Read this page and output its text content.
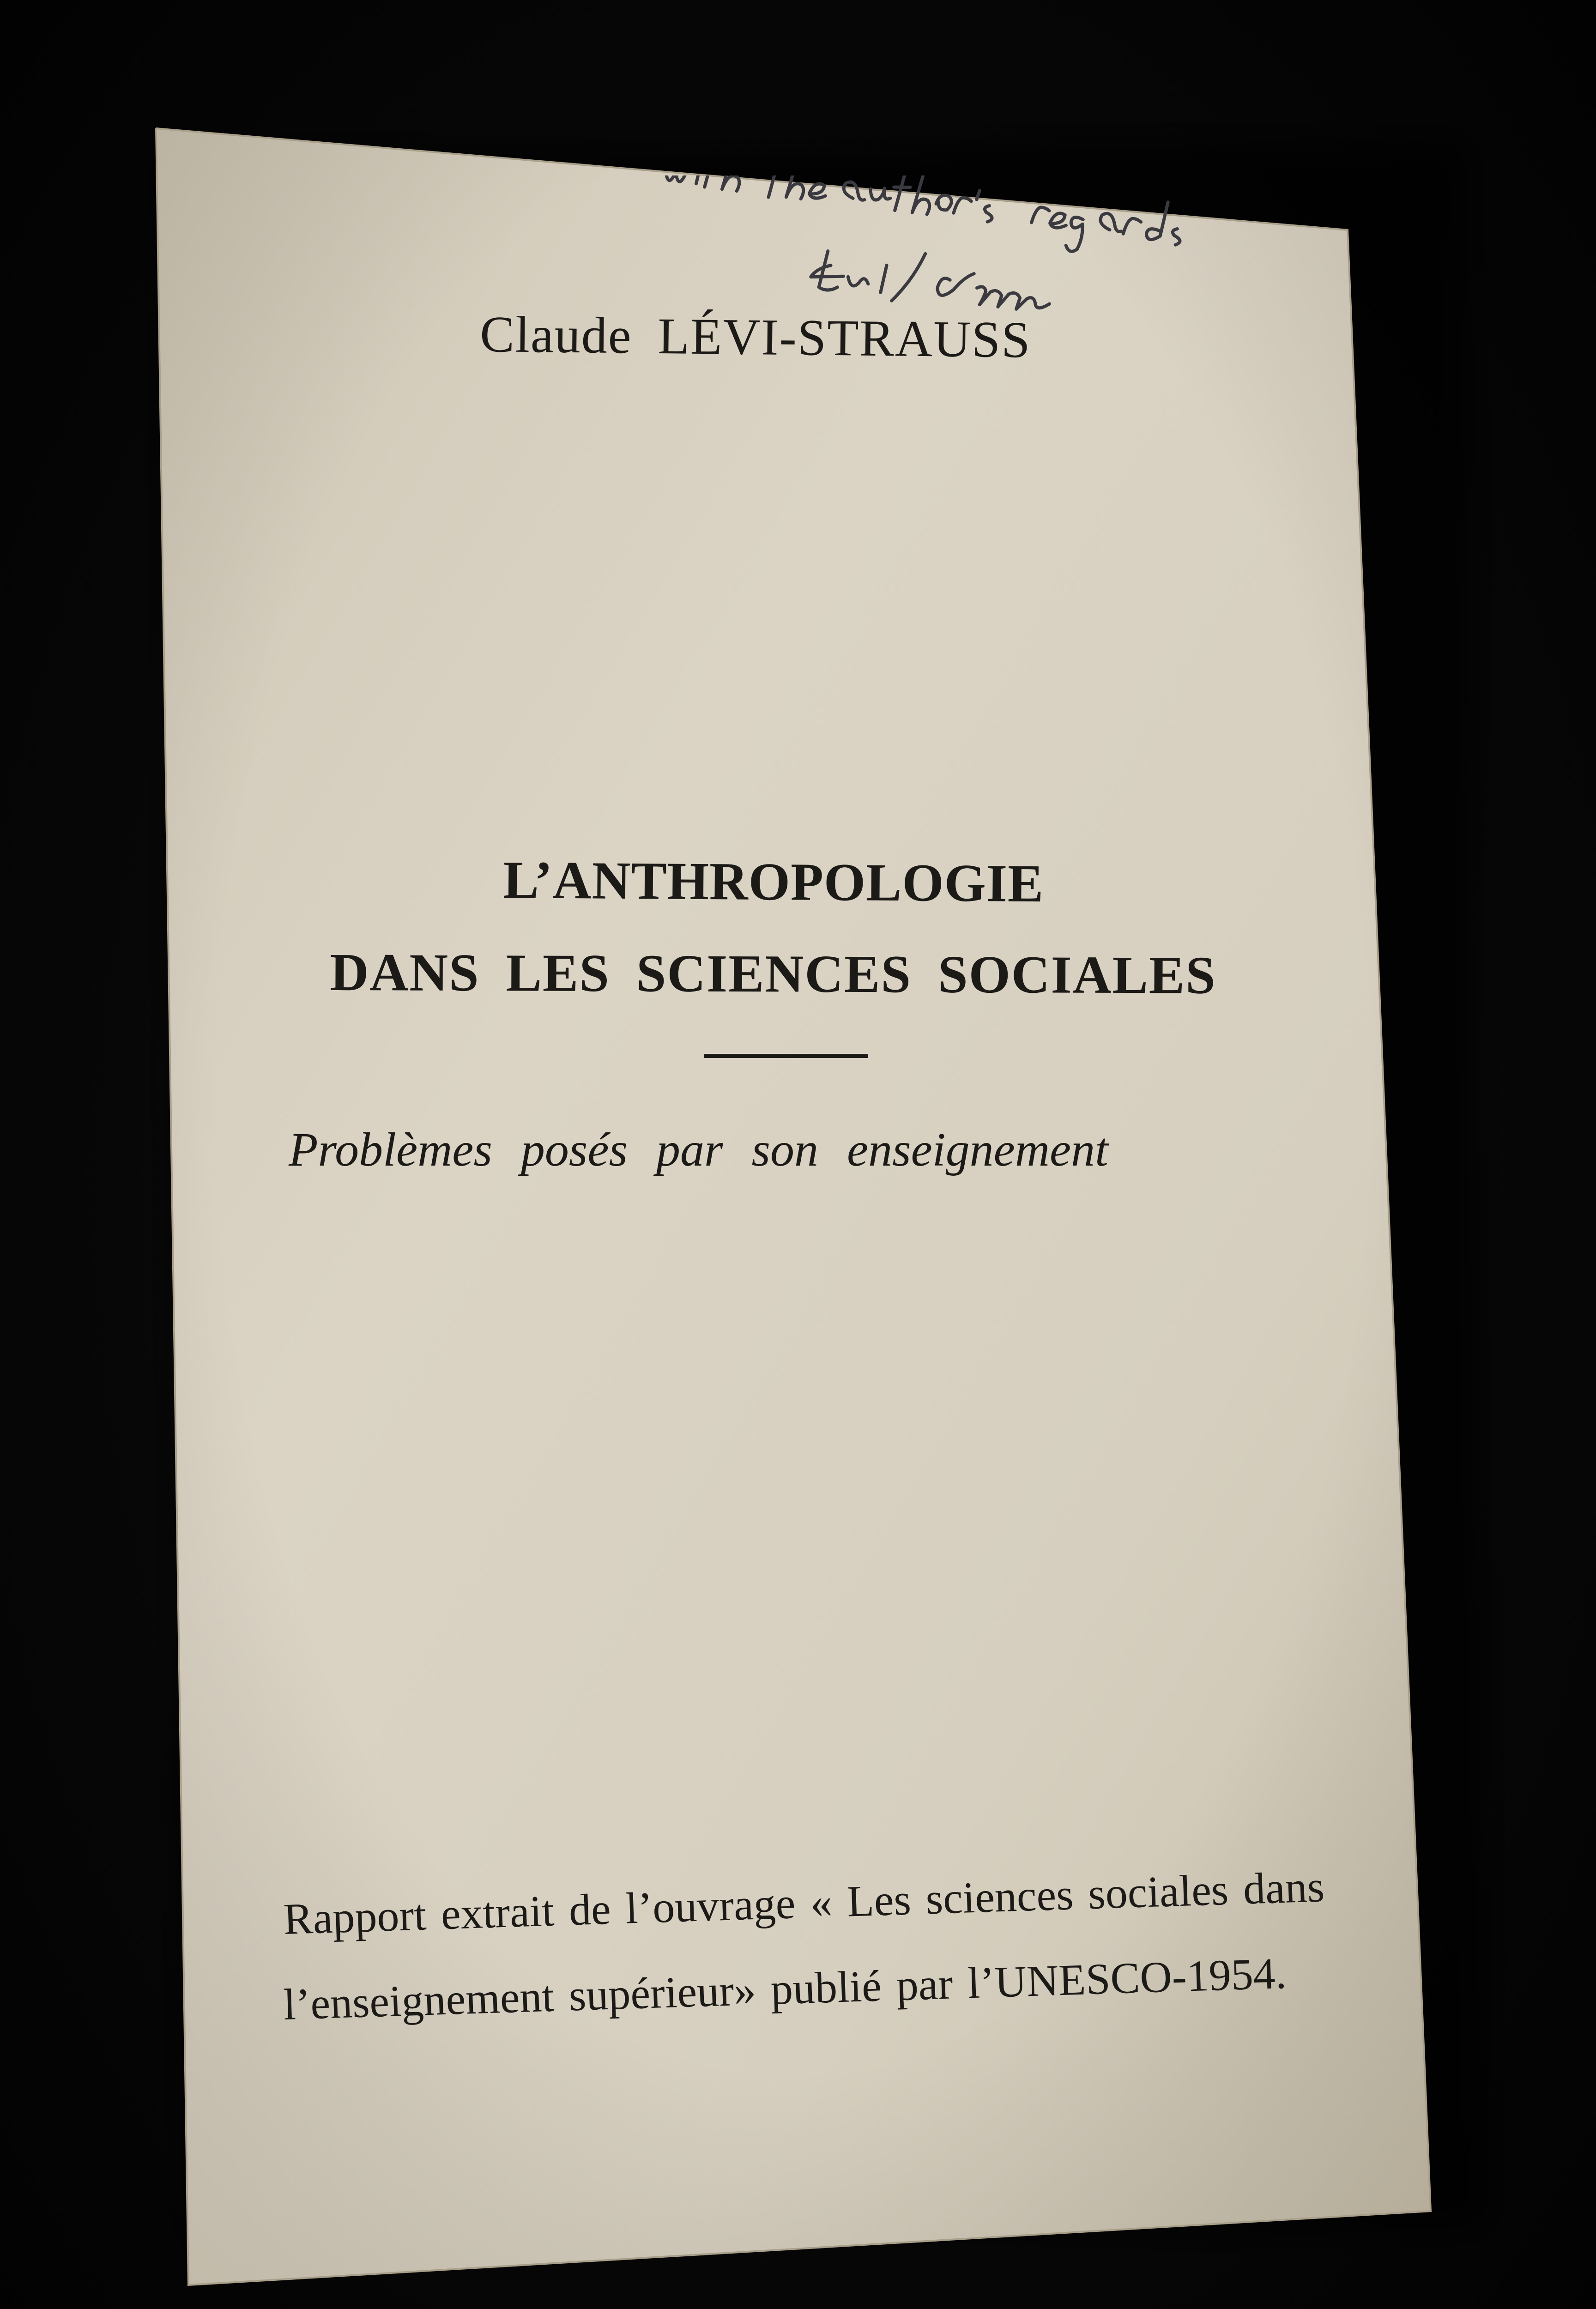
Claude LÉVI-STRAUSS
L’ANTHROPOLOGIE
DANS LES SCIENCES SOCIALES
Problèmes posés par son enseignement
Rapport extrait de l’ouvrage « Les sciences sociales dans
l’enseignement supérieur» publié par l’UNESCO-1954.
